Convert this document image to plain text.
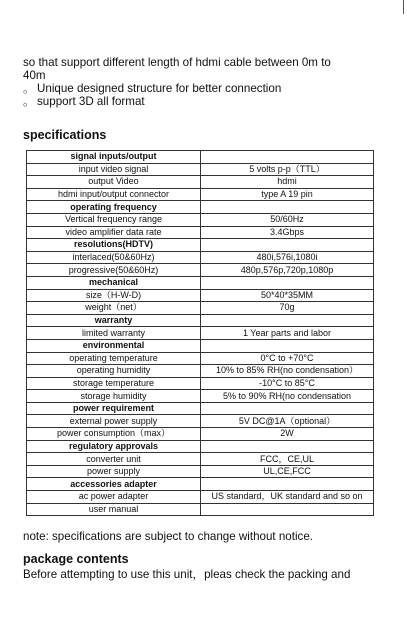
so that support different length of hdmi cable between 0m to
40m
。 Unique designed structure for better connection
。 support 3D all format
specifications
signal inputs/output	
input video signal	5 volts p-p（TTL）
output Video	hdmi
hdmi input/output connector	type A 19 pin
operating frequency	
Vertical frequency range	50/60Hz
video amplifier data rate	3.4Gbps
resolutions(HDTV)	
interlaced(50&60Hz)	480i,576i,1080i
progressive(50&60Hz)	480p,576p,720p,1080p
mechanical	
size（H-W-D)	50*40*35MM
weight（net）	70g
warranty	
limited warranty	1 Year parts and labor
environmental	
operating temperature	0°C to +70°C
operating humidity	10% to 85% RH(no condensation）
storage temperature	-10°C to 85°C
storage humidity	5% to 90% RH(no condensation
power requirement	
external power supply	5V DC@1A（optional）
power consumption（max）	2W
regulatory approvals	
converter unit	FCC，CE,UL
power supply	UL,CE,FCC
accessories adapter	
ac power adapter	US standard，UK standard and so on
user manual	
note: specifications are subject to change without notice.
package contents
Before attempting to use this unit，pleas check the packing and
